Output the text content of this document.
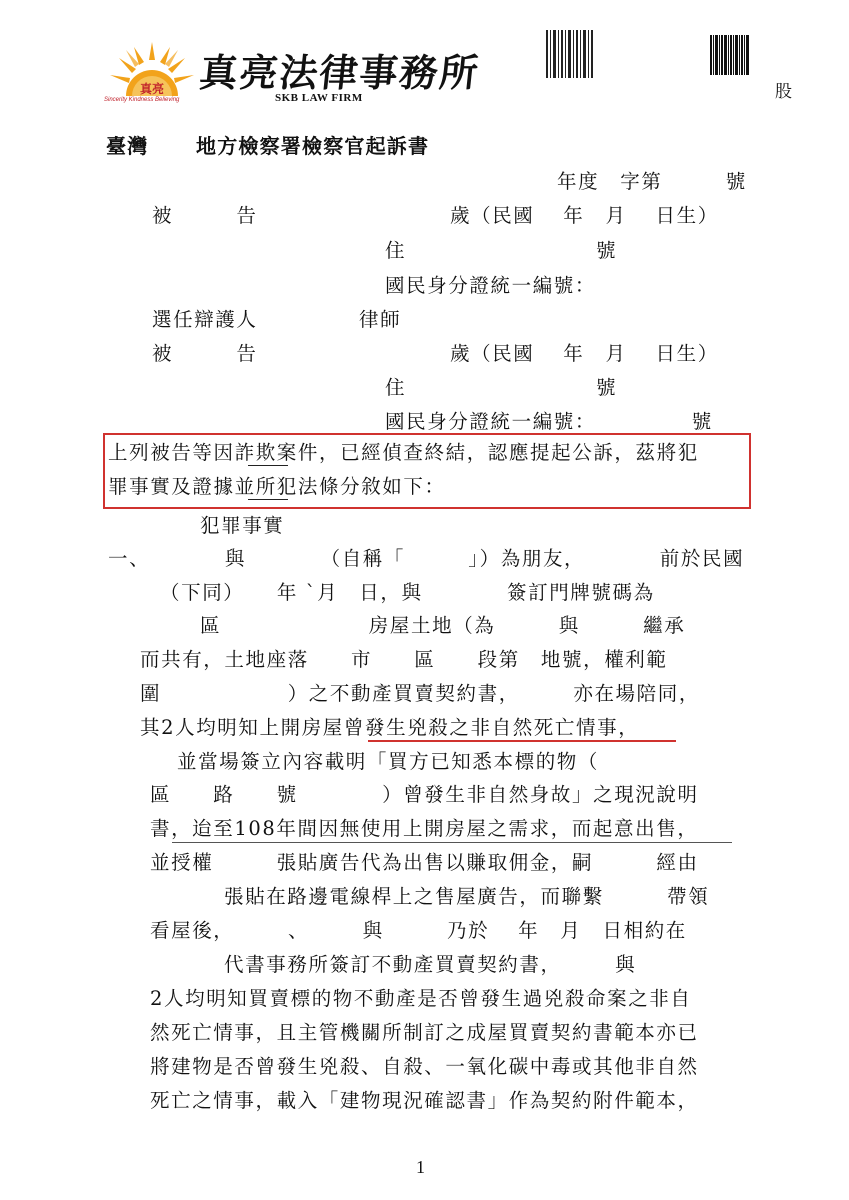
真亮
Sincerity Kindness Believing
真亮法律事務所
SKB LAW FIRM	股
臺灣 地方檢察署檢察官起訴書
年度　字第　　　號
被　　　告	歲（民國　 年　月　 日生）
住　　　　　　　　　號
國民身分證統一編號：
選任辯護人	律師
被　　　告	歲（民國　 年　月　 日生）
住　　　　　　　　　號
國民身分證統一編號：　　　　　號
上列被告等因詐欺案件，已經偵查終結，認應提起公訴，茲將犯
罪事實及證據並所犯法條分敘如下：
犯罪事實
一、　　　　與　　　　（自稱「　　　」）為朋友，　　　　前於民國
（下同）　　年 `月　日，與　　　　簽訂門牌號碼為
區　　　　　　　房屋土地（為　　　與　　　繼承
而共有，土地座落　　市　　區　　段第　地號，權利範
圍　　　　　　）之不動產買賣契約書，　　　亦在場陪同，
其2人均明知上開房屋曾發生兇殺之非自然死亡情事，
並當場簽立內容載明「買方已知悉本標的物（
區　　路　　號　　　　）曾發生非自然身故」之現況說明
書，迨至108年間因無使用上開房屋之需求，而起意出售，
並授權　　　張貼廣告代為出售以賺取佣金，嗣　　　經由
張貼在路邊電線桿上之售屋廣告，而聯繫　　　帶領
看屋後，　　　、　　　與　　　乃於　 年　月　日相約在
代書事務所簽訂不動產買賣契約書，　　　與
2人均明知買賣標的物不動產是否曾發生過兇殺命案之非自
然死亡情事，且主管機關所制訂之成屋買賣契約書範本亦已
將建物是否曾發生兇殺、自殺、一氧化碳中毒或其他非自然
死亡之情事，載入「建物現況確認書」作為契約附件範本，
1
